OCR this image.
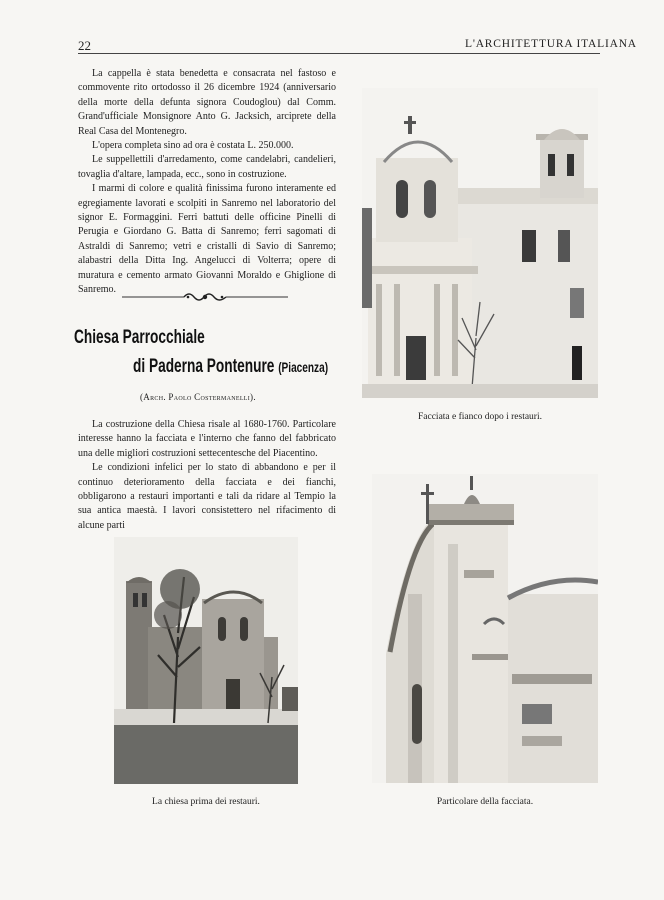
22	L'ARCHITETTURA ITALIANA

La cappella è stata benedetta e consacrata nel fastoso e commovente rito ortodosso il 26 dicembre 1924 (anniversario della morte della defunta signora Coudoglou) dal Comm. Grand'ufficiale Monsignore Anto G. Jacksich, arciprete della Real Casa del Montenegro.

L'opera completa sino ad ora è costata L. 250.000.

Le suppellettili d'arredamento, come candelabri, candelieri, tovaglia d'altare, lampada, ecc., sono in costruzione.

I marmi di colore e qualità finissima furono interamente ed egregiamente lavorati e scolpiti in Sanremo nel laboratorio del signor E. Formaggini. Ferri battuti delle officine Pinelli di Perugia e Giordano G. Batta di Sanremo; ferri sagomati di Astraldi di Sanremo; vetri e cristalli di Savio di Sanremo; alabastri della Ditta Ing. Angelucci di Volterra; opere di muratura e cemento armato Giovanni Moraldo e Ghiglione di Sanremo.

Chiesa Parrocchiale
di Paderna Pontenure (Piacenza)
(Arch. Paolo Costermanelli).

La costruzione della Chiesa risale al 1680-1760. Particolare interesse hanno la facciata e l'interno che fanno del fabbricato una delle migliori costruzioni settecentesche del Piacentino.

Le condizioni infelici per lo stato di abbandono e per il continuo deterioramento della facciata e dei fianchi, obbligarono a restauri importanti e tali da ridare al Tempio la sua antica maestà. I lavori consistettero nel rifacimento di alcune parti

Facciata e fianco dopo i restauri.
La chiesa prima dei restauri.	Particolare della facciata.
